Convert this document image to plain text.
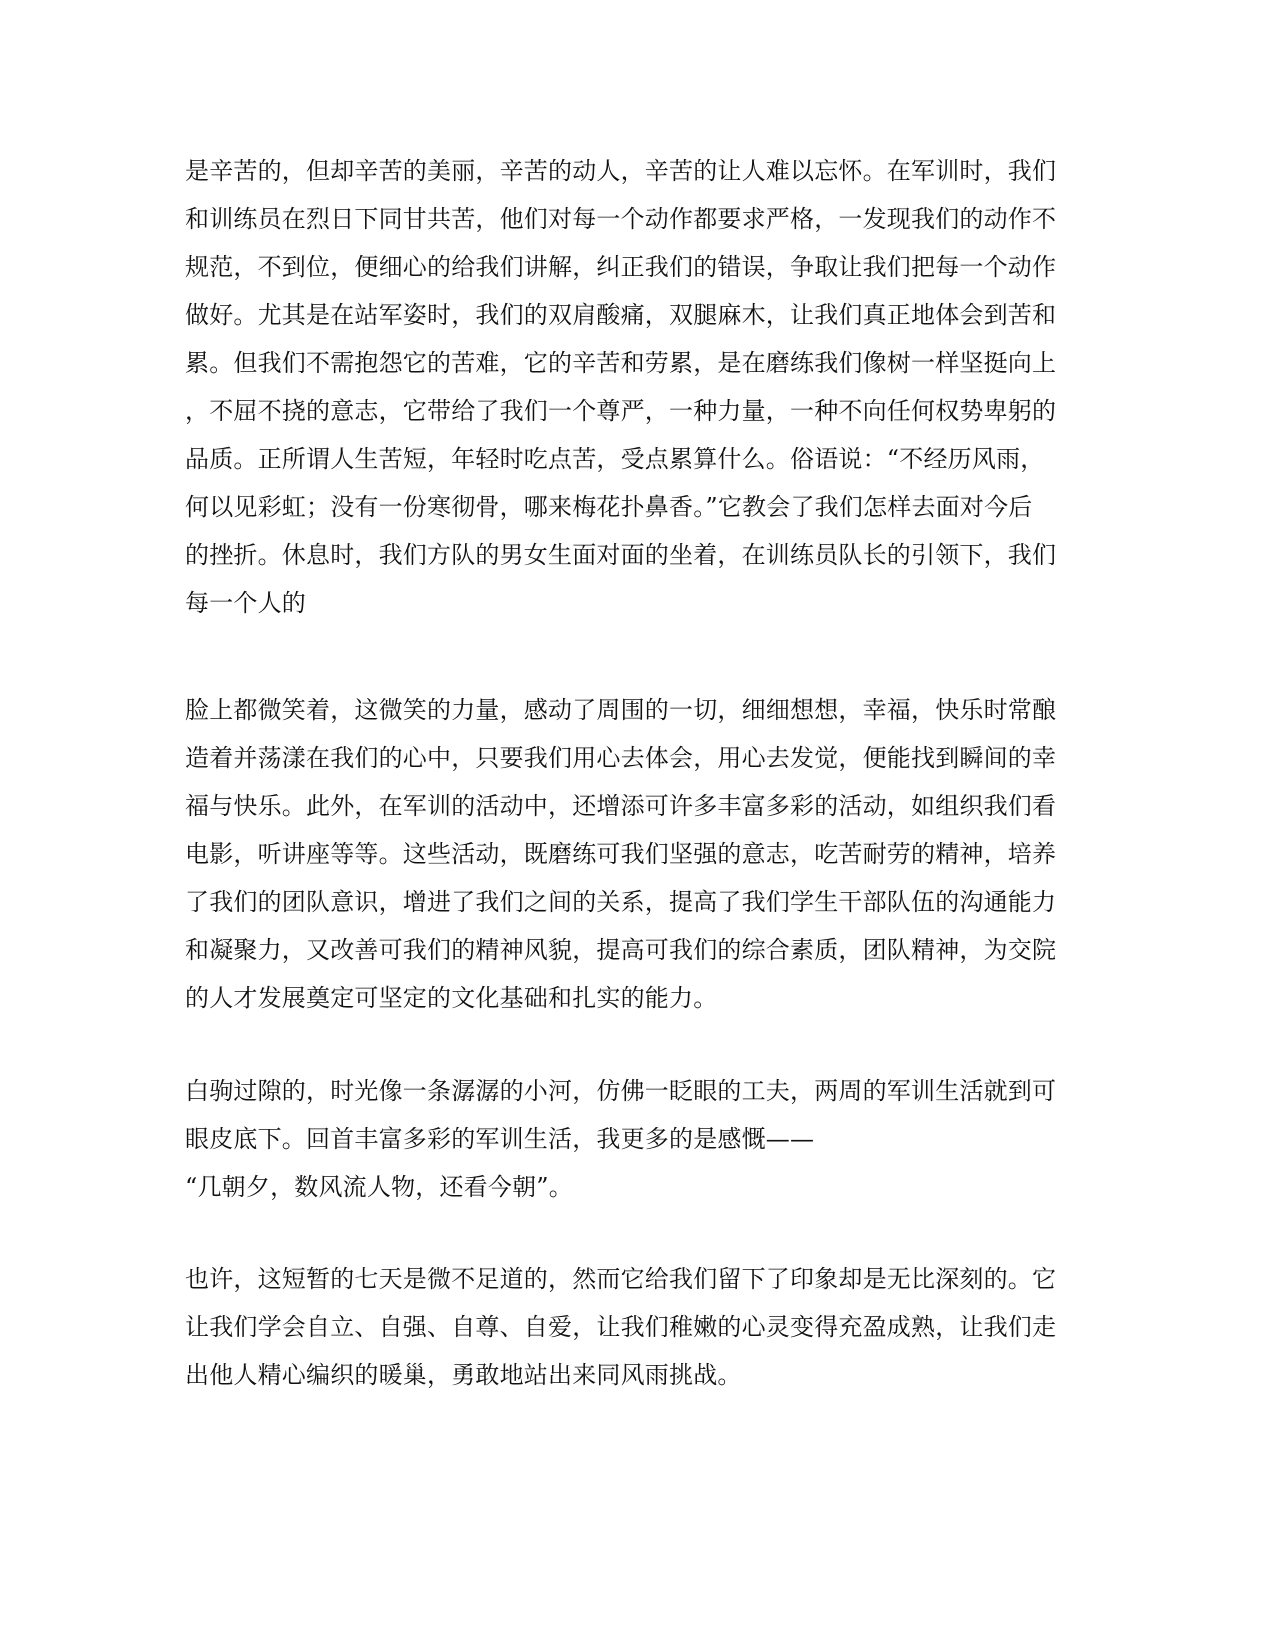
是辛苦的，但却辛苦的美丽，辛苦的动人，辛苦的让人难以忘怀。在军训时，我们
和训练员在烈日下同甘共苦，他们对每一个动作都要求严格，一发现我们的动作不
规范，不到位，便细心的给我们讲解，纠正我们的错误，争取让我们把每一个动作
做好。尤其是在站军姿时，我们的双肩酸痛，双腿麻木，让我们真正地体会到苦和
累。但我们不需抱怨它的苦难，它的辛苦和劳累，是在磨练我们像树一样坚挺向上
，不屈不挠的意志，它带给了我们一个尊严，一种力量，一种不向任何权势卑躬的
品质。正所谓人生苦短，年轻时吃点苦，受点累算什么。俗语说：“不经历风雨，
何以见彩虹；没有一份寒彻骨，哪来梅花扑鼻香。”它教会了我们怎样去面对今后
的挫折。休息时，我们方队的男女生面对面的坐着，在训练员队长的引领下，我们
每一个人的
脸上都微笑着，这微笑的力量，感动了周围的一切，细细想想，幸福，快乐时常酿
造着并荡漾在我们的心中，只要我们用心去体会，用心去发觉，便能找到瞬间的幸
福与快乐。此外，在军训的活动中，还增添可许多丰富多彩的活动，如组织我们看
电影，听讲座等等。这些活动，既磨练可我们坚强的意志，吃苦耐劳的精神，培养
了我们的团队意识，增进了我们之间的关系，提高了我们学生干部队伍的沟通能力
和凝聚力，又改善可我们的精神风貌，提高可我们的综合素质，团队精神，为交院
的人才发展奠定可坚定的文化基础和扎实的能力。
白驹过隙的，时光像一条潺潺的小河，仿佛一眨眼的工夫，两周的军训生活就到可
眼皮底下。回首丰富多彩的军训生活，我更多的是感慨——
“几朝夕，数风流人物，还看今朝”。
也许，这短暂的七天是微不足道的，然而它给我们留下了印象却是无比深刻的。它
让我们学会自立、自强、自尊、自爱，让我们稚嫩的心灵变得充盈成熟，让我们走
出他人精心编织的暖巢，勇敢地站出来同风雨挑战。
